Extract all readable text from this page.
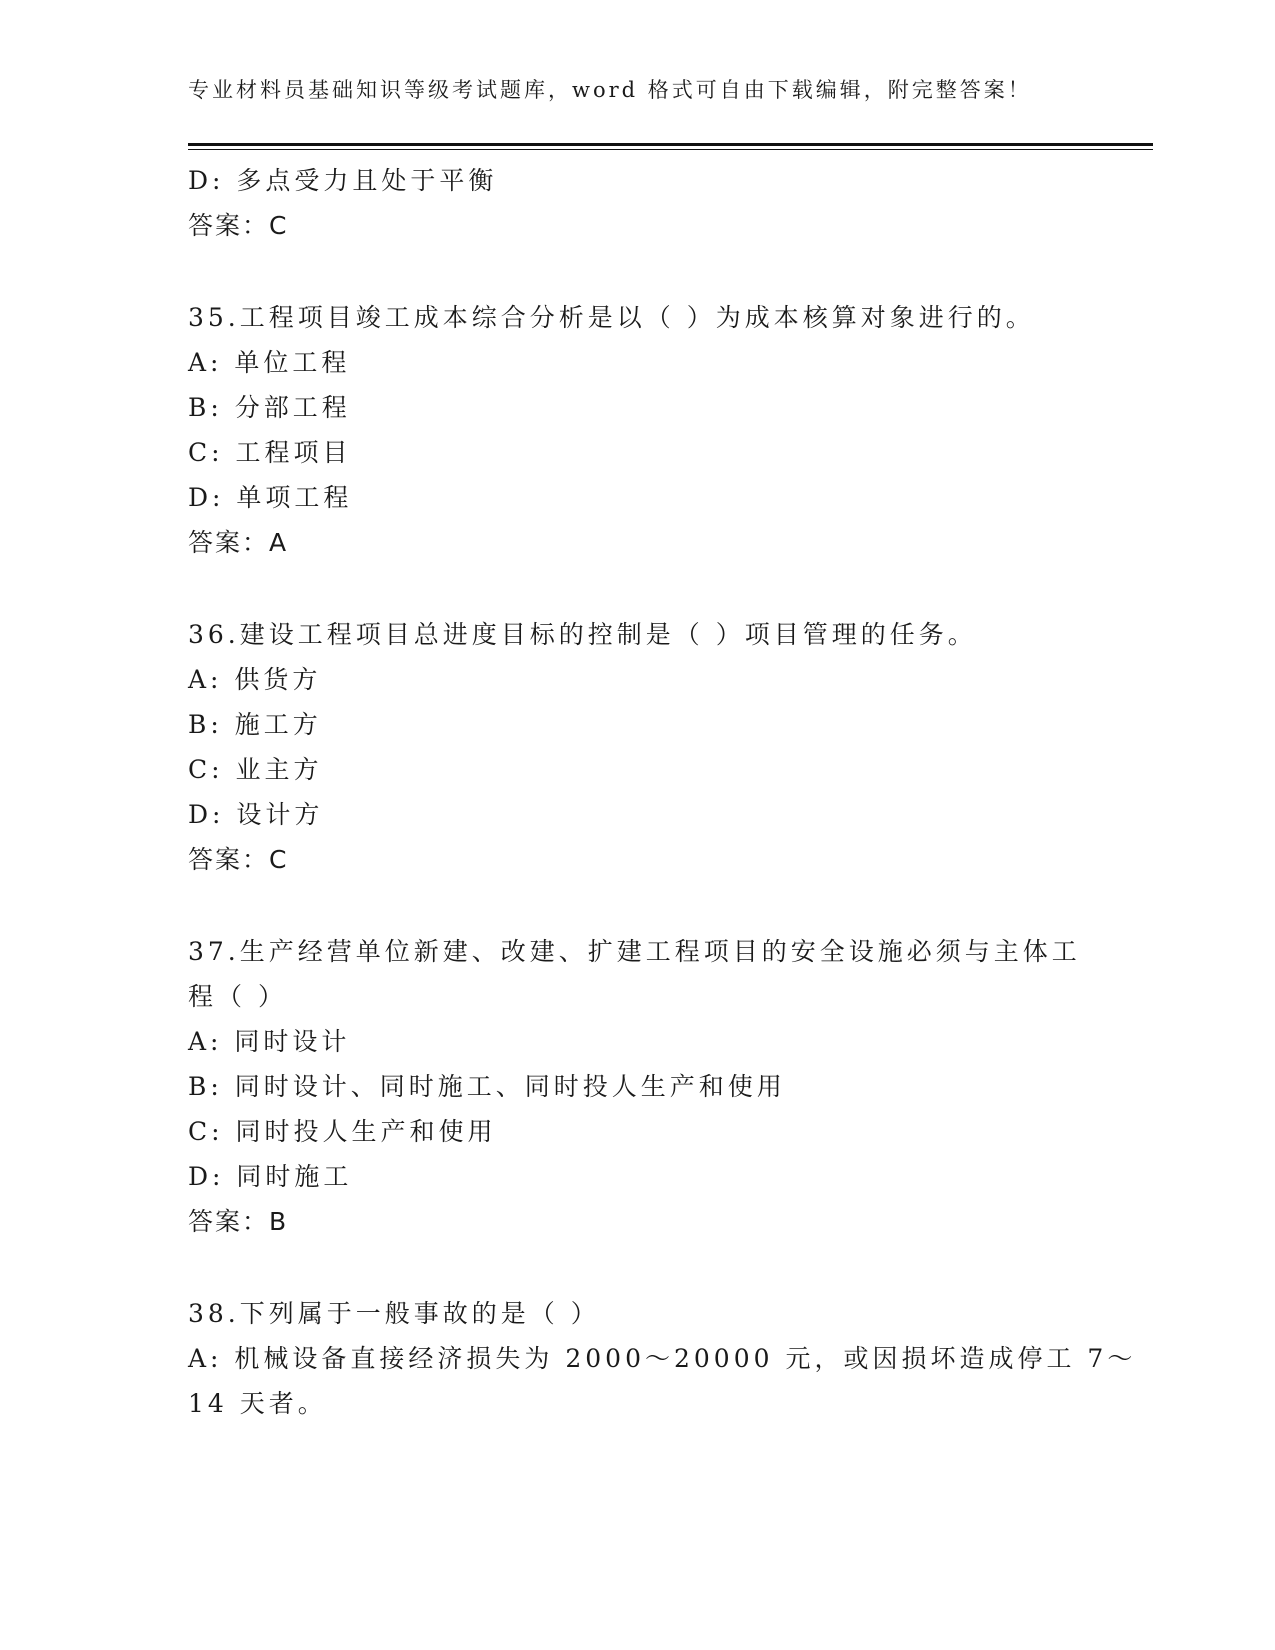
专业材料员基础知识等级考试题库，word 格式可自由下载编辑，附完整答案！
D: 多点受力且处于平衡
答案：C
35.工程项目竣工成本综合分析是以（ ）为成本核算对象进行的。
A: 单位工程
B: 分部工程
C: 工程项目
D: 单项工程
答案：A
36.建设工程项目总进度目标的控制是（ ）项目管理的任务。
A: 供货方
B: 施工方
C: 业主方
D: 设计方
答案：C
37.生产经营单位新建、改建、扩建工程项目的安全设施必须与主体工
程（ ）
A: 同时设计
B: 同时设计、同时施工、同时投人生产和使用
C: 同时投人生产和使用
D: 同时施工
答案：B
38.下列属于一般事故的是（ ）
A: 机械设备直接经济损失为 2000～20000 元，或因损坏造成停工 7～
14 天者。
